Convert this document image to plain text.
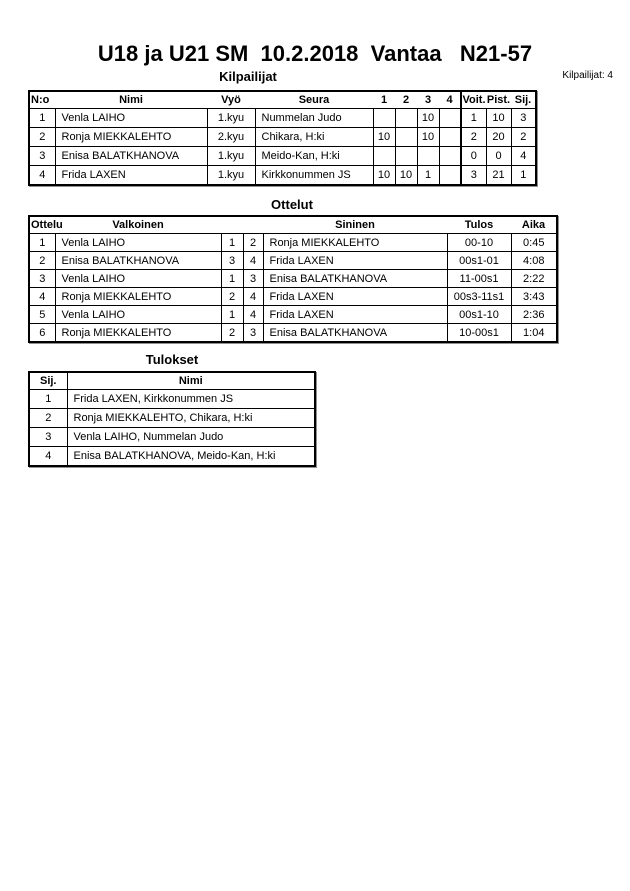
U18 ja U21 SM  10.2.2018  Vantaa   N21-57
Kilpailijat	Kilpailijat: 4
N:o	Nimi	Vyö	Seura	1	2	3	4	Voit.	Pist.	Sij.
1	Venla LAIHO	1.kyu	Nummelan Judo			10		1	10	3
2	Ronja MIEKKALEHTO	2.kyu	Chikara, H:ki	10		10		2	20	2
3	Enisa BALATKHANOVA	1.kyu	Meido-Kan, H:ki					0	0	4
4	Frida LAXEN	1.kyu	Kirkkonummen JS	10	10	1		3	21	1
Ottelut
Ottelu	Valkoinen			Sininen	Tulos	Aika
1	Venla LAIHO	1	2	Ronja MIEKKALEHTO	00-10	0:45
2	Enisa BALATKHANOVA	3	4	Frida LAXEN	00s1-01	4:08
3	Venla LAIHO	1	3	Enisa BALATKHANOVA	11-00s1	2:22
4	Ronja MIEKKALEHTO	2	4	Frida LAXEN	00s3-11s1	3:43
5	Venla LAIHO	1	4	Frida LAXEN	00s1-10	2:36
6	Ronja MIEKKALEHTO	2	3	Enisa BALATKHANOVA	10-00s1	1:04
Tulokset
Sij.	Nimi
1	Frida LAXEN, Kirkkonummen JS
2	Ronja MIEKKALEHTO, Chikara, H:ki
3	Venla LAIHO, Nummelan Judo
4	Enisa BALATKHANOVA, Meido-Kan, H:ki
